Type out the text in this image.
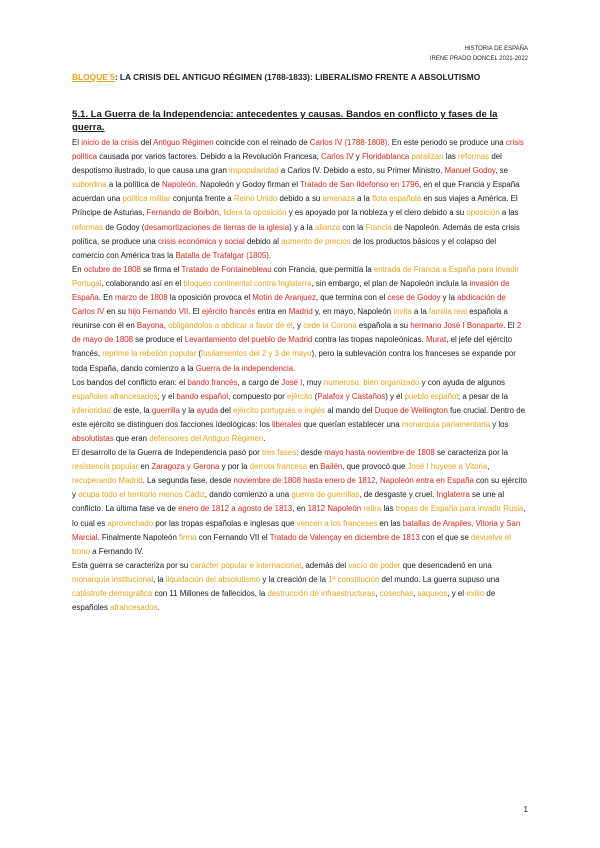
HISTORIA DE ESPAÑA
IRENE PRADO DONCEL 2021-2022
BLOQUE 5: LA CRISIS DEL ANTIGUO RÉGIMEN (1788-1833): LIBERALISMO FRENTE A ABSOLUTISMO
5.1. La Guerra de la Independencia: antecedentes y causas. Bandos en conflicto y fases de la guerra.

El inicio de la crisis del Antiguo Régimen coincide con el reinado de Carlos IV (1788-1808). En este periodo se produce una crisis política causada por varios factores. Debido a la Revolución Francesa, Carlos IV y Floridablanca paralizan las reformas del despotismo ilustrado, lo que causa una gran impopularidad a Carlos IV. Debido a esto, su Primer Ministro, Manuel Godoy, se subordina a la política de Napoleón. Napoleón y Godoy firman el Tratado de San Ildefonso en 1796, en el que Francia y España acuerdan una política militar conjunta frente a Reino Unido debido a su amenaza a la flota española en sus viajes a América. El Príncipe de Asturias, Fernando de Borbón, lidera la oposición y es apoyado por la nobleza y el clero debido a su oposición a las reformas de Godoy (desamortizaciones de tierras de la iglesia) y a la alianza con la Francia de Napoleón. Además de esta crisis política, se produce una crisis económica y social debido al aumento de precios de los productos básicos y el colapso del comercio con América tras la Batalla de Trafalgar (1805).

En octubre de 1808 se firma el Tratado de Fontainebleau con Francia, que permitía la entrada de Francia a España para invadir Portugal, colaborando así en el bloqueo continental contra Inglaterra, sin embargo, el plan de Napoleón incluía la invasión de España. En marzo de 1808 la oposición provoca el Motín de Aranjuez, que termina con el cese de Godoy y la abdicación de Carlos IV en su hijo Fernando VII. El ejército francés entra en Madrid y, en mayo, Napoleón invita a la familia real española a reunirse con él en Bayona, obligándolos a abdicar a favor de él, y cede la Corona española a su hermano José I Bonaparte. El 2 de mayo de 1808 se produce el Levantamiento del pueblo de Madrid contra las tropas napoleónicas. Murat, el jefe del ejército francés, reprime la rebelión popular (fusilamientos del 2 y 3 de mayo), pero la sublevación contra los franceses se expande por toda España, dando comienzo a la Guerra de la independencia.

Los bandos del conflicto eran: el bando francés, a cargo de José I, muy numeroso, bien organizado y con ayuda de algunos españoles afrancesados; y el bando español, compuesto por ejército (Palafox y Castaños) y el pueblo español; a pesar de la inferioridad de este, la guerrilla y la ayuda del ejército portugués e inglés al mando del Duque de Wellington fue crucial. Dentro de este ejército se distinguen dos facciones ideológicas: los liberales que querían establecer una monarquía parlamentaria y los absolutistas que eran defensores del Antiguo Régimen.

El desarrollo de la Guerra de Independencia pasó por tres fases: desde mayo hasta noviembre de 1808 se caracteriza por la resistencia popular en Zaragoza y Gerona y por la derrota francesa en Bailén, que provocó que José I huyese a Vitoria, recuperando Madrid. La segunda fase, desde noviembre de 1808 hasta enero de 1812, Napoleón entra en España con su ejército y ocupa todo el territorio menos Cádiz, dando comienzo a una guerra de guerrillas, de desgaste y cruel. Inglaterra se une al conflicto. La última fase va de enero de 1812 a agosto de 1813, en 1812 Napoleón retira las tropas de España para invadir Rusia, lo cual es aprovechado por las tropas españolas e inglesas que vencen a los franceses en las batallas de Arapiles, Vitoria y San Marcial. Finalmente Napoleón firma con Fernando VII el Tratado de Valençay en diciembre de 1813 con el que se devuelve el trono a Fernando IV.

Esta guerra se caracteriza por su carácter popular e internacional, además del vacío de poder que desencadenó en una monarquía institucional, la liquidación del absolutismo y la creación de la 1ª constitución del mundo. La guerra supuso una catástrofe demográfica con 11 Millones de fallecidos, la destrucción de infraestructuras, cosechas, saqueos, y el exilio de españoles afrancesados.

1
